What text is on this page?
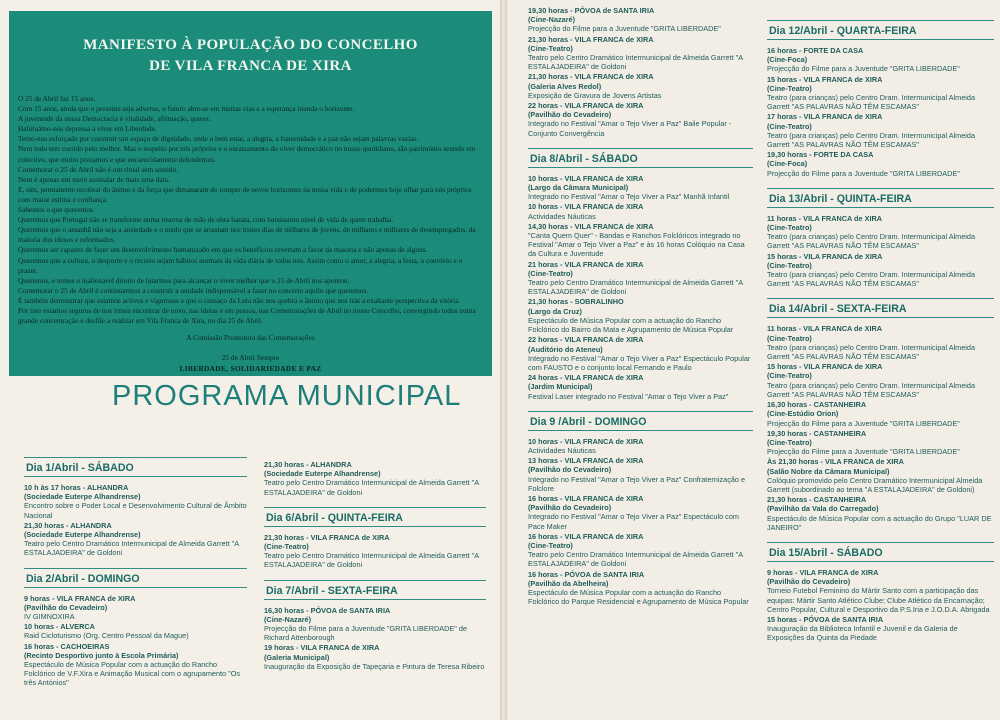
MANIFESTO À POPULAÇÃO DO CONCELHO
DE VILA FRANCA DE XIRA
O 25 de Abril faz 15 anos.
Com 15 anos, ainda que o presente seja adverso, o futuro abre-se em muitas vias e a esperança inunda o horizonte.
A juventude da nossa Democracia é vitalidade, afirmação, querer.
Habituámo-nos depressa a viver em Liberdade.
Temo-nos esforçado por construir um espaço de dignidade, onde o bem estar, a alegria, a fraternidade e a paz não sejam palavras vazias.
Nem tudo tem corrido pelo melhor. Mas o respeito por nós próprios e o enraizamento do viver democrático no nosso quotidiano, são património sentido em colectivo, que muito prezamos e que encarecidamente defendemos.
Comemorar o 25 de Abril não é um ritual sem sentido.
Nem é apenas um mero assinalar de mais uma data.
E, sim, permanente recobrar do ânimo e da força que dimanaram do romper de novos horizontes na nossa vida e de podermos hoje olhar para nós próprios com maior estima e confiança.
Sabemos o que queremos.
Queremos que Portugal não se transforme numa reserva de mão de obra barata, com baixíssimo nível de vida de quem trabalha.
Queremos que o amanhã não seja a ansiedade e o medo que se arrastam nos tristes dias de milhares de jovens, de milhares e milhares de desempregados, da maioria dos idosos e reformados.
Queremos ser capazes de fazer um desenvolvimento humanizado em que os benefícios revertam a favor da maioria e não apenas de alguns.
Queremos que a cultura, o desporto e o recreio sejam hábitos normais da vida diária de todos nós. Assim como o amor, a alegria, a festa, o convívio e o prazer.
Queremos, e temos o inalienável direito de lutarmos para alcançar o viver melhor que o 25 de Abril nos apontou.
Comemorar o 25 de Abril é continuarmos a construir a unidade indispensável a fazer no concreto aquilo que queremos.
É também demonstrar que estamos activos e vigorosos e que o cansaço da Luta não nos quebra o ânimo que nos trás a exaltante perspectiva da vitória.
Por isso estamos seguros de nos irmos encontrar de novo, nas ideias e em pessoa, nas Comemorações de Abril no nosso Concelho, convergindo todos numa grande concentração e desfile a realizar em Vila Franca de Xira, no dia 25 de Abril.
A Comissão Promotora das Comemorações
25 de Abril Sempre
LIBERDADE, SOLIDARIEDADE E PAZ
PROGRAMA MUNICIPAL
Dia 1/Abril - SÁBADO
10 h às 17 horas - ALHANDRA
(Sociedade Euterpe Alhandrense)
Encontro sobre o Poder Local e Desenvolvimento Cultural de Âmbito Nacional
21,30 horas - ALHANDRA
(Sociedade Euterpe Alhandrense)
Teatro pelo Centro Dramático Intermunicipal de Almeida Garrett "A ESTALAJADEIRA" de Goldoni
Dia 2/Abril - DOMINGO
9 horas - VILA FRANCA de XIRA
(Pavilhão do Cevadeiro)
IV GIMNOXIRA
10 horas - ALVERCA
Raid Cicloturismo (Org. Centro Pessoal da Mague)
16 horas - CACHOEIRAS
(Recinto Desportivo junto à Escola Primária)
Espectáculo de Música Popular com a actuação do Rancho Folclórico de V.F.Xira e Animação Musical com o agrupamento "Os três Antónios"
21,30 horas - ALHANDRA
(Sociedade Euterpe Alhandrense)
Teatro pelo Centro Dramático Intermunicipal de Almeida Garrett "A ESTALAJADEIRA" de Goldoni
Dia 6/Abril - QUINTA-FEIRA
21,30 horas - VILA FRANCA de XIRA
(Cine-Teatro)
Teatro pelo Centro Dramático Intermunicipal de Almeida Garrett "A ESTALAJADEIRA" de Goldoni
Dia 7/Abril - SEXTA-FEIRA
16,30 horas - PÓVOA de SANTA IRIA
(Cine-Nazaré)
Projecção do Filme para a Juventude "GRITA LIBERDADE" de Richard Attenborough
19 horas - VILA FRANCA de XIRA
(Galeria Municipal)
Inauguração da Exposição de Tapeçaria e Pintura de Teresa Ribeiro
19,30 horas - PÓVOA de SANTA IRIA
(Cine-Nazaré)
Projecção do Filme para a Juventude "GRITA LIBERDADE"
21,30 horas - VILA FRANCA de XIRA
(Cine-Teatro)
Teatro pelo Centro Dramático Intermunicipal de Almeida Garrett "A ESTALAJADEIRA" de Goldoni
21,30 horas - VILA FRANCA de XIRA
(Galeria Alves Redol)
Exposição de Gravura de Jovens Artistas
22 horas - VILA FRANCA de XIRA
(Pavilhão do Cevadeiro)
Integrado no Festival "Amar o Tejo Viver a Paz" Baile Popular - Conjunto Convergência
Dia 8/Abril - SÁBADO
10 horas - VILA FRANCA de XIRA
(Largo da Câmara Municipal)
Integrado no Festival "Amar o Tejo Viver a Paz" Manhã Infantil
10 horas - VILA FRANCA de XIRA
Actividades Náuticas
14,30 horas - VILA FRANCA de XIRA
"Canta Quem Quer" - Bandas e Ranchos Folclóricos integrado no Festival "Amar o Tejo Viver a Paz" e às 16 horas Colóquio na Casa da Cultura e Juventude
21 horas - VILA FRANCA de XIRA
(Cine-Teatro)
Teatro pelo Centro Dramático Intermunicipal de Almeida Garrett "A ESTALAJADEIRA" de Goldoni
21,30 horas - SOBRALINHO
(Largo da Cruz)
Espectáculo de Música Popular com a actuação do Rancho Folclórico do Bairro da Mata e Agrupamento de Música Popular
22 horas - VILA FRANCA de XIRA
(Auditório do Ateneu)
Integrado no Festival "Amar o Tejo Viver a Paz" Espectáculo Popular com FAUSTO e o conjunto local Fernando e Paulo
24 horas - VILA FRANCA de XIRA
(Jardim Municipal)
Festival Laser integrado no Festival "Amar o Tejo Viver a Paz"
Dia 9 /Abril - DOMINGO
10 horas - VILA FRANCA de XIRA
Actividades Náuticas
13 horas - VILA FRANCA de XIRA
(Pavilhão do Cevadeiro)
Integrado no Festival "Amar o Tejo Viver a Paz" Confraternização e Folclore
16 horas - VILA FRANCA de XIRA
(Pavilhão do Cevadeiro)
Integrado no Festival "Amar o Tejo Viver a Paz" Espectáculo com Pace Maker
16 horas - VILA FRANCA de XIRA
(Cine-Teatro)
Teatro pelo Centro Dramático Intermunicipal de Almeida Garrett "A ESTALAJADEIRA" de Goldoni
16 horas - PÓVOA de SANTA IRIA
(Pavilhão da Abelheira)
Espectáculo de Música Popular com a actuação do Rancho Folclórico do Parque Residencial e Agrupamento de Música Popular
Dia 12/Abril - QUARTA-FEIRA
16 horas - FORTE DA CASA
(Cine-Foca)
Projecção do Filme para a Juventude "GRITA LIBERDADE"
15 horas - VILA FRANCA de XIRA
(Cine-Teatro)
Teatro (para crianças) pelo Centro Dram. Intermunicipal Almeida Garrett "AS PALAVRAS NÃO TÊM ESCAMAS"
17 horas - VILA FRANCA de XIRA
(Cine-Teatro)
Teatro (para crianças) pelo Centro Dram. Intermunicipal Almeida Garrett "AS PALAVRAS NÃO TÊM ESCAMAS"
19,30 horas - FORTE DA CASA
(Cine-Foca)
Projecção do Filme para a Juventude "GRITA LIBERDADE"
Dia 13/Abril - QUINTA-FEIRA
11 horas - VILA FRANCA de XIRA
(Cine-Teatro)
Teatro (para crianças) pelo Centro Dram. Intermunicipal Almeida Garrett "AS PALAVRAS NÃO TÊM ESCAMAS"
15 horas - VILA FRANCA de XIRA
(Cine-Teatro)
Teatro (para crianças) pelo Centro Dram. Intermunicipal Almeida Garrett "AS PALAVRAS NÃO TÊM ESCAMAS"
Dia 14/Abril - SEXTA-FEIRA
11 horas - VILA FRANCA de XIRA
(Cine-Teatro)
Teatro (para crianças) pelo Centro Dram. Intermunicipal Almeida Garrett "AS PALAVRAS NÃO TÊM ESCAMAS"
15 horas - VILA FRANCA de XIRA
(Cine-Teatro)
Teatro (para crianças) pelo Centro Dram. Intermunicipal Almeida Garrett "AS PALAVRAS NÃO TÊM ESCAMAS"
16,30 horas - CASTANHEIRA
(Cine-Estúdio Orion)
Projecção do Filme para a Juventude "GRITA LIBERDADE"
19,30 horas - CASTANHEIRA
(Cine-Teatro)
Projecção do Filme para a Juventude "GRITA LIBERDADE"
Às 21,30 horas - VILA FRANCA de XIRA
(Salão Nobre da Câmara Municipal)
Colóquio promovido pelo Centro Dramático Intermunicipal Almeida Garrett (subordinado ao tema "A ESTALAJADEIRA" de Goldoni)
21,30 horas - CASTANHEIRA
(Pavilhão da Vala do Carregado)
Espectáculo de Música Popular com a actuação do Grupo "LUAR DE JANEIRO"
Dia 15/Abril - SÁBADO
9 horas - VILA FRANCA de XIRA
(Pavilhão do Cevadeiro)
Torneio Futebol Feminino do Mártir Santo com a participação das equipas: Mártir Santo Atlético Clube; Clube Atlético da Encarnação; Centro Popular, Cultural e Desportivo da P.S.Iria e J.O.D.A. Abrigada
15 horas - PÓVOA de SANTA IRIA
Inauguração da Biblioteca Infantil e Juvenil e da Galeria de Exposições da Quinta da Piedade
